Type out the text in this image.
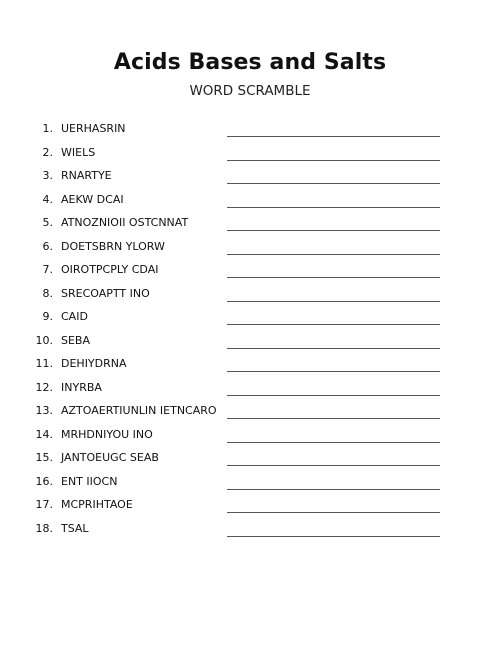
Acids Bases and Salts
WORD SCRAMBLE
1. UERHASRIN
2. WIELS
3. RNARTYE
4. AEKW DCAI
5. ATNOZNIOII OSTCNNAT
6. DOETSBRN YLORW
7. OIROTPCPLY CDAI
8. SRECOAPTT INO
9. CAID
10. SEBA
11. DEHIYDRNA
12. INYRBA
13. AZTOAERTIUNLIN IETNCARO
14. MRHDNIYOU INO
15. JANTOEUGC SEAB
16. ENT IIOCN
17. MCPRIHTAOE
18. TSAL
